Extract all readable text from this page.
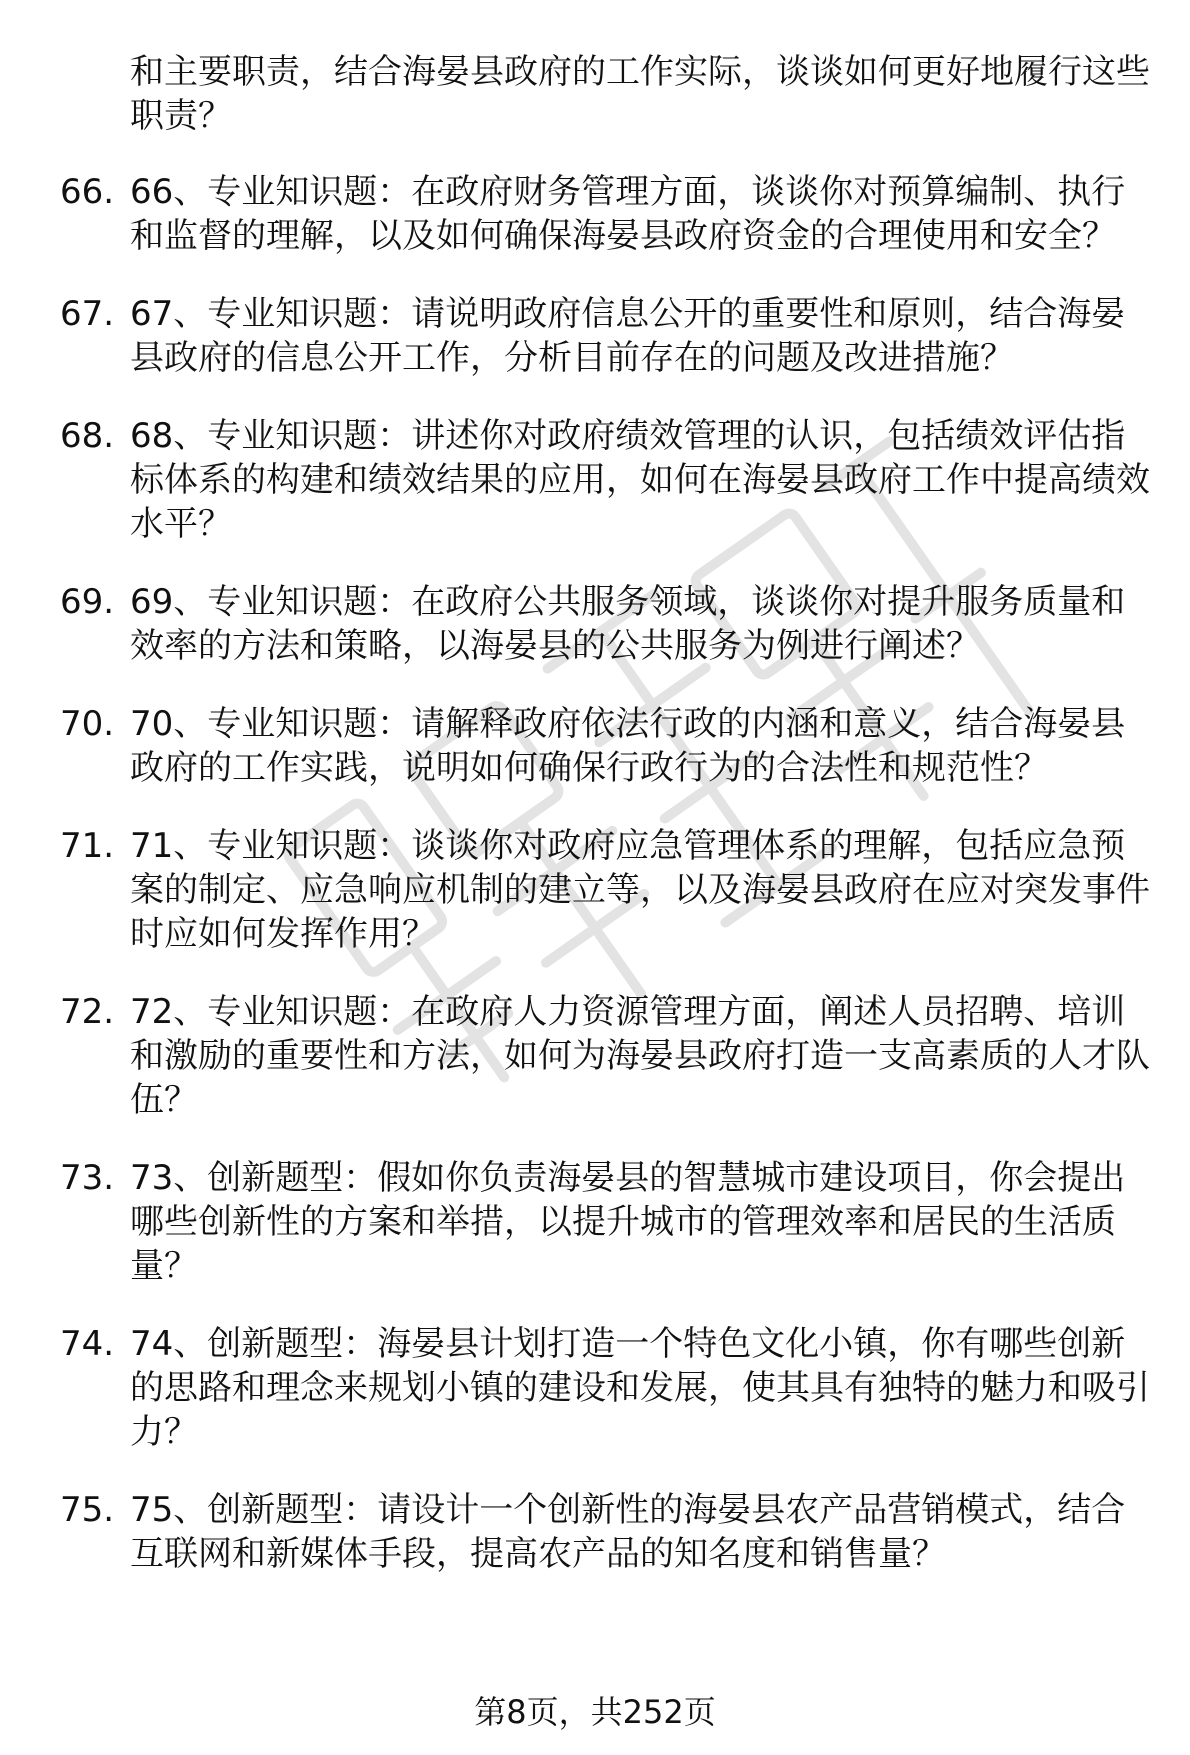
和主要职责，结合海晏县政府的工作实际，谈谈如何更好地履行这些职责？
66. 66、专业知识题：在政府财务管理方面，谈谈你对预算编制、执行和监督的理解，以及如何确保海晏县政府资金的合理使用和安全？
67. 67、专业知识题：请说明政府信息公开的重要性和原则，结合海晏县政府的信息公开工作，分析目前存在的问题及改进措施？
68. 68、专业知识题：讲述你对政府绩效管理的认识，包括绩效评估指标体系的构建和绩效结果的应用，如何在海晏县政府工作中提高绩效水平？
69. 69、专业知识题：在政府公共服务领域，谈谈你对提升服务质量和效率的方法和策略，以海晏县的公共服务为例进行阐述？
70. 70、专业知识题：请解释政府依法行政的内涵和意义，结合海晏县政府的工作实践，说明如何确保行政行为的合法性和规范性？
71. 71、专业知识题：谈谈你对政府应急管理体系的理解，包括应急预案的制定、应急响应机制的建立等，以及海晏县政府在应对突发事件时应如何发挥作用？
72. 72、专业知识题：在政府人力资源管理方面，阐述人员招聘、培训和激励的重要性和方法，如何为海晏县政府打造一支高素质的人才队伍？
73. 73、创新题型：假如你负责海晏县的智慧城市建设项目，你会提出哪些创新性的方案和举措，以提升城市的管理效率和居民的生活质量？
74. 74、创新题型：海晏县计划打造一个特色文化小镇，你有哪些创新的思路和理念来规划小镇的建设和发展，使其具有独特的魅力和吸引力？
75. 75、创新题型：请设计一个创新性的海晏县农产品营销模式，结合互联网和新媒体手段，提高农产品的知名度和销售量？
第8页，共252页
